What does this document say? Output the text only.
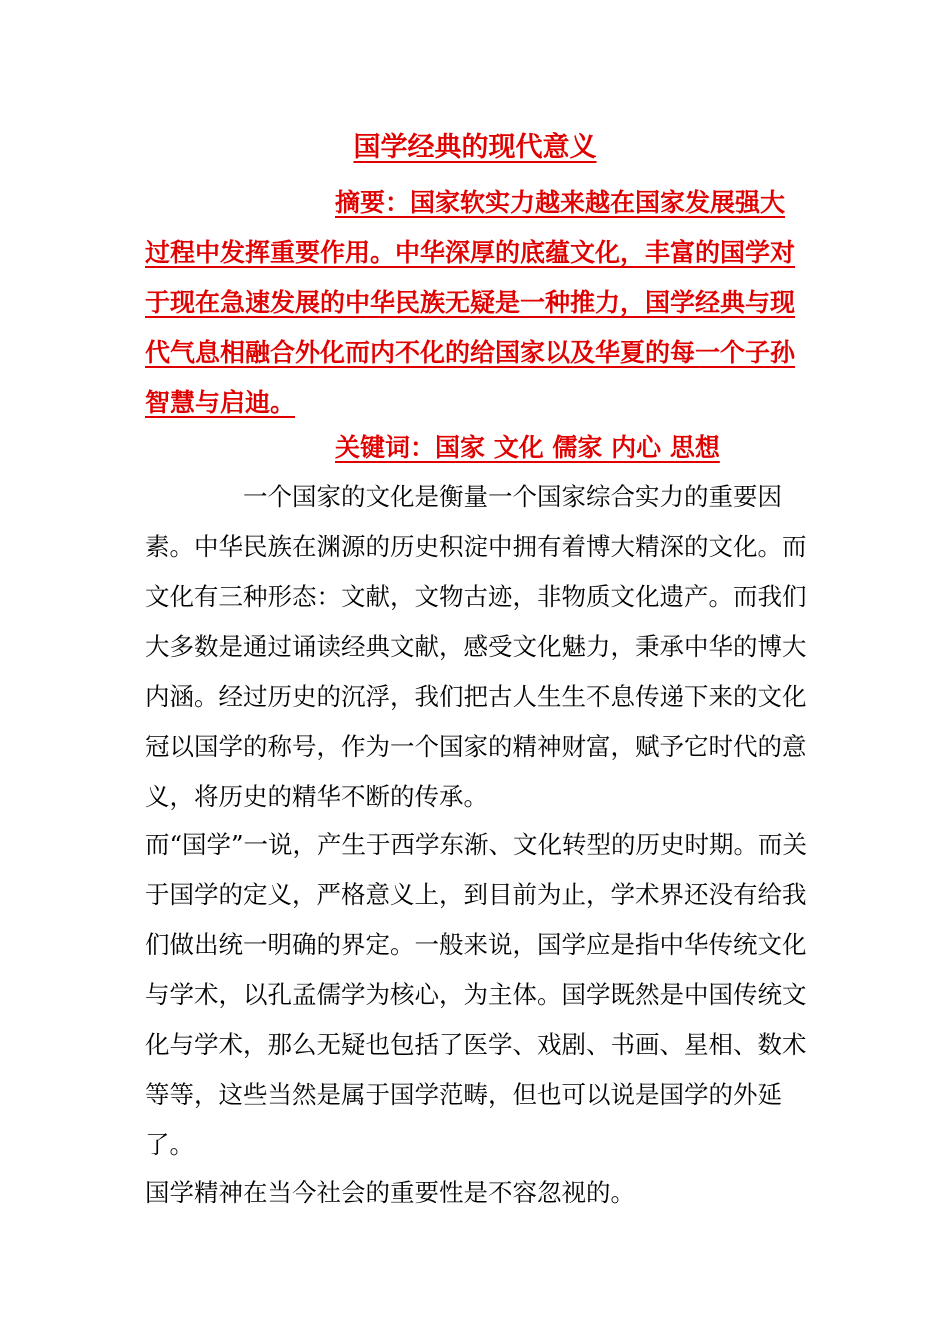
国学经典的现代意义

摘要：国家软实力越来越在国家发展强大过程中发挥重要作用。中华深厚的底蕴文化，丰富的国学对于现在急速发展的中华民族无疑是一种推力，国学经典与现代气息相融合外化而内不化的给国家以及华夏的每一个子孙智慧与启迪。

关键词：国家 文化 儒家 内心 思想

一个国家的文化是衡量一个国家综合实力的重要因素。中华民族在渊源的历史积淀中拥有着博大精深的文化。而文化有三种形态：文献，文物古迹，非物质文化遗产。而我们大多数是通过诵读经典文献，感受文化魅力，秉承中华的博大内涵。经过历史的沉浮，我们把古人生生不息传递下来的文化冠以国学的称号，作为一个国家的精神财富，赋予它时代的意义，将历史的精华不断的传承。

而“国学”一说，产生于西学东渐、文化转型的历史时期。而关于国学的定义，严格意义上，到目前为止，学术界还没有给我们做出统一明确的界定。一般来说，国学应是指中华传统文化与学术，以孔孟儒学为核心，为主体。国学既然是中国传统文化与学术，那么无疑也包括了医学、戏剧、书画、星相、数术等等，这些当然是属于国学范畴，但也可以说是国学的外延了。

国学精神在当今社会的重要性是不容忽视的。
